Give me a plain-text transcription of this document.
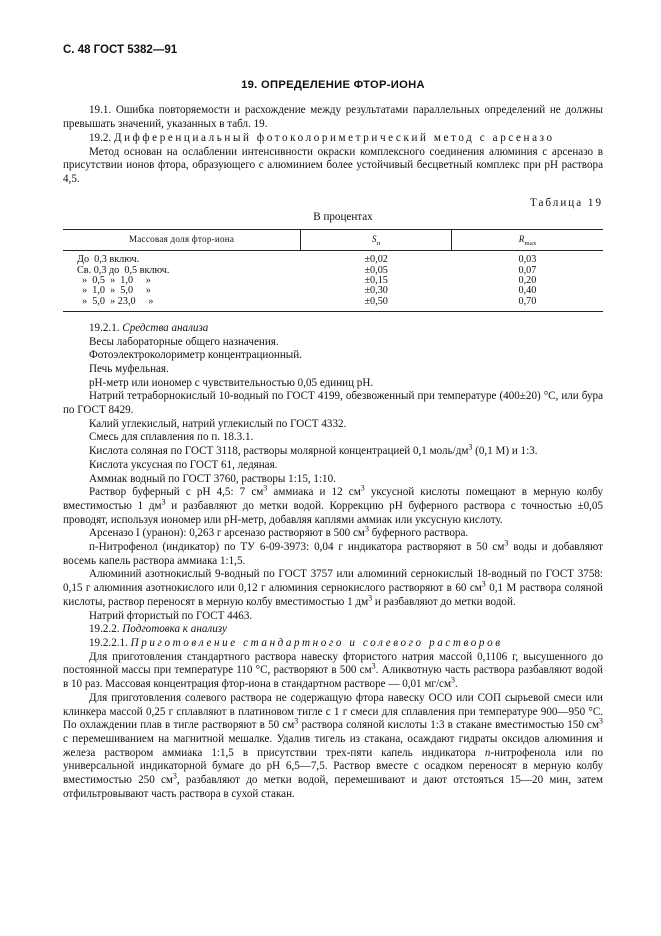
С. 48 ГОСТ 5382—91
19. ОПРЕДЕЛЕНИЕ ФТОР-ИОНА

19.1. Ошибка повторяемости и расхождение между результатами параллельных определений не должны превышать значений, указанных в табл. 19.

19.2. Дифференциальный фотоколориметрический метод с арсеназо

Метод основан на ослаблении интенсивности окраски комплексного соединения алюминия с арсеназо в присутствии ионов фтора, образующего с алюминием более устойчивый бесцветный комплекс при pH раствора 4,5.

Таблица 19
В процентах
Массовая доля фтор-иона	$S_п$	$R_{max}$
До  0,3 включ.	±0,02	0,03
Св. 0,3 до  0,5 включ.	±0,05	0,07
»  0,5  »  1,0     »	±0,15	0,20
»  1,0  »  5,0     »	±0,30	0,40
»  5,0  » 23,0     »	±0,50	0,70

19.2.1. Средства анализа

Весы лабораторные общего назначения.

Фотоэлектроколориметр концентрационный.

Печь муфельная.

pH-метр или иономер с чувствительностью 0,05 единиц pH.

Натрий тетраборнокислый 10-водный по ГОСТ 4199, обезвоженный при температуре (400±20) °С, или бура по ГОСТ 8429.

Калий углекислый, натрий углекислый по ГОСТ 4332.

Смесь для сплавления по п. 18.3.1.

Кислота соляная по ГОСТ 3118, растворы молярной концентрацией 0,1 моль/$дм^3$ (0,1 М) и 1:3.

Кислота уксусная по ГОСТ 61, ледяная.

Аммиак водный по ГОСТ 3760, растворы 1:15, 1:10.

Раствор буферный с pH 4,5: 7 $см^3$ аммиака и 12 $см^3$ уксусной кислоты помещают в мерную колбу вместимостью 1 $дм^3$ и разбавляют до метки водой. Коррекцию pH буферного раствора с точностью ±0,05 проводят, используя иономер или pH-метр, добавляя каплями аммиак или уксусную кислоту.

Арсеназо I (уранон): 0,263 г арсеназо растворяют в 500 $см^3$ буферного раствора.

п-Нитрофенол (индикатор) по ТУ 6-09-3973: 0,04 г индикатора растворяют в 50 $см^3$ воды и добавляют восемь капель раствора аммиака 1:1,5.

Алюминий азотнокислый 9-водный по ГОСТ 3757 или алюминий сернокислый 18-водный по ГОСТ 3758: 0,15 г алюминия азотнокислого или 0,12 г алюминия сернокислого растворяют в 60 $см^3$ 0,1 М раствора соляной кислоты, раствор переносят в мерную колбу вместимостью 1 $дм^3$ и разбавляют до метки водой.

Натрий фтористый по ГОСТ 4463.

19.2.2. Подготовка к анализу

19.2.2.1. Приготовление стандартного и солевого растворов

Для приготовления стандартного раствора навеску фтористого натрия массой 0,1106 г, высушенного до постоянной массы при температуре 110 °С, растворяют в 500 $см^3$. Аликвотную часть раствора разбавляют водой в 10 раз. Массовая концентрация фтор-иона в стандартном растворе — 0,01 $мг/см^3$.

Для приготовления солевого раствора не содержащую фтора навеску ОСО или СОП сырьевой смеси или клинкера массой 0,25 г сплавляют в платиновом тигле с 1 г смеси для сплавления при температуре 900—950 °С. По охлаждении плав в тигле растворяют в 50 $см^3$ раствора соляной кислоты 1:3 в стакане вместимостью 150 $см^3$ с перемешиванием на магнитной мешалке. Удалив тигель из стакана, осаждают гидраты оксидов алюминия и железа раствором аммиака 1:1,5 в присутствии трех-пяти капель индикатора n-нитрофенола или по универсальной индикаторной бумаге до pH 6,5—7,5. Раствор вместе с осадком переносят в мерную колбу вместимостью 250 $см^3$, разбавляют до метки водой, перемешивают и дают отстояться 15—20 мин, затем отфильтровывают часть раствора в сухой стакан.
